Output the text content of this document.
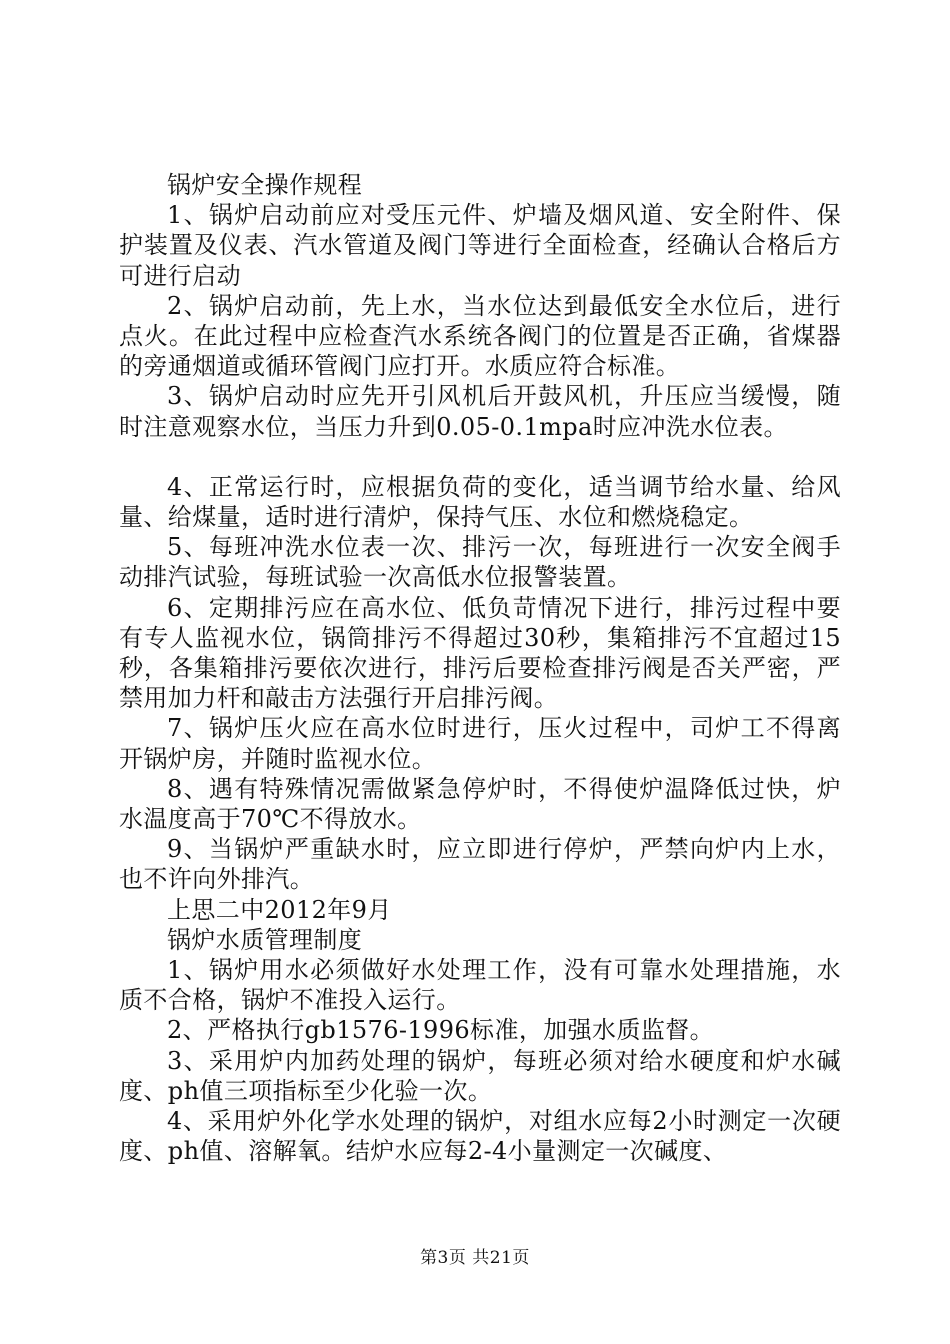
锅炉安全操作规程

1、锅炉启动前应对受压元件、炉墙及烟风道、安全附件、保护装置及仪表、汽水管道及阀门等进行全面检查，经确认合格后方可进行启动

2、锅炉启动前，先上水，当水位达到最低安全水位后，进行点火。在此过程中应检查汽水系统各阀门的位置是否正确，省煤器的旁通烟道或循环管阀门应打开。水质应符合标准。

3、锅炉启动时应先开引风机后开鼓风机，升压应当缓慢，随时注意观察水位，当压力升到0.05-0.1mpa时应冲洗水位表。

4、正常运行时，应根据负荷的变化，适当调节给水量、给风量、给煤量，适时进行清炉，保持气压、水位和燃烧稳定。

5、每班冲洗水位表一次、排污一次，每班进行一次安全阀手动排汽试验，每班试验一次高低水位报警装置。

6、定期排污应在高水位、低负苛情况下进行，排污过程中要有专人监视水位，锅筒排污不得超过30秒，集箱排污不宜超过15秒，各集箱排污要依次进行，排污后要检查排污阀是否关严密，严禁用加力杆和敲击方法强行开启排污阀。

7、锅炉压火应在高水位时进行，压火过程中，司炉工不得离开锅炉房，并随时监视水位。

8、遇有特殊情况需做紧急停炉时，不得使炉温降低过快，炉水温度高于70℃不得放水。

9、当锅炉严重缺水时，应立即进行停炉，严禁向炉内上水，也不许向外排汽。

上思二中2012年9月

锅炉水质管理制度

1、锅炉用水必须做好水处理工作，没有可靠水处理措施，水质不合格，锅炉不准投入运行。

2、严格执行gb1576-1996标准，加强水质监督。

3、采用炉内加药处理的锅炉，每班必须对给水硬度和炉水碱度、ph值三项指标至少化验一次。

4、采用炉外化学水处理的锅炉，对组水应每2小时测定一次硬度、ph值、溶解氧。结炉水应每2-4小量测定一次碱度、

第3页 共21页
